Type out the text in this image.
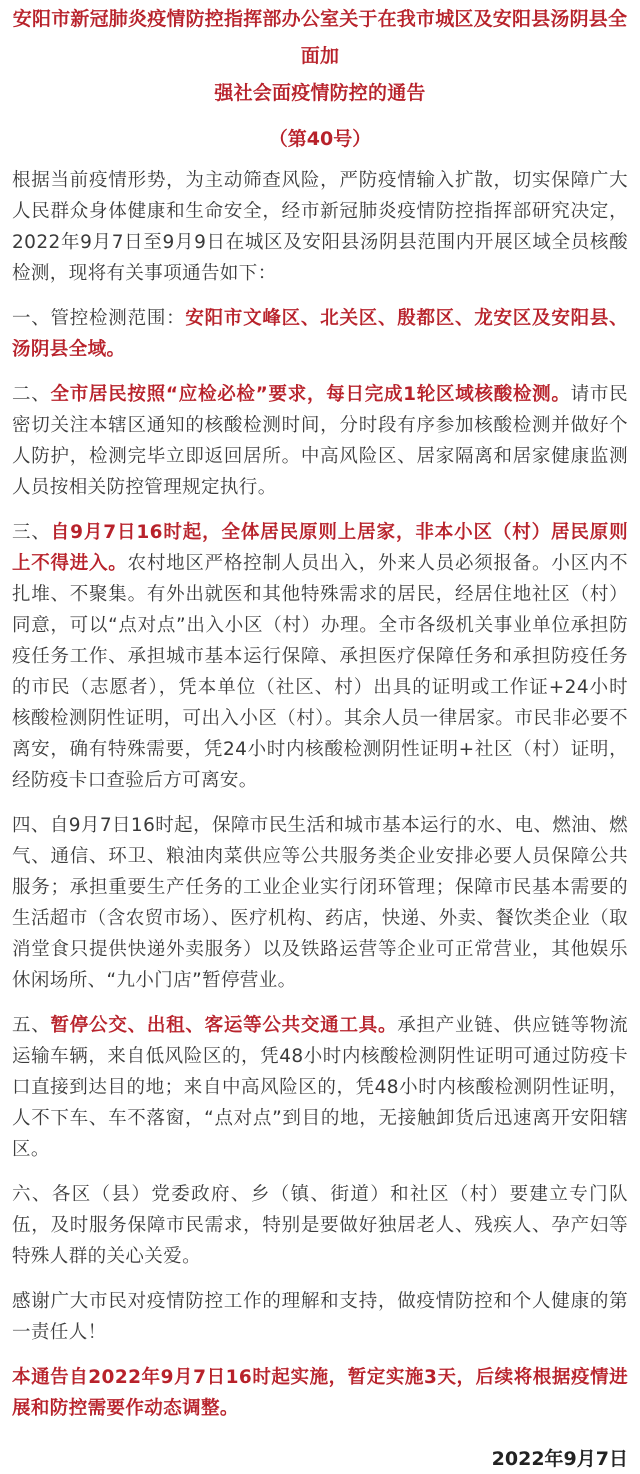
安阳市新冠肺炎疫情防控指挥部办公室关于在我市城区及安阳县汤阴县全面加
强社会面疫情防控的通告
（第40号）

根据当前疫情形势，为主动筛查风险，严防疫情输入扩散，切实保障广大人民群众身体健康和生命安全，经市新冠肺炎疫情防控指挥部研究决定，2022年9月7日至9月9日在城区及安阳县汤阴县范围内开展区域全员核酸检测，现将有关事项通告如下：

一、管控检测范围：安阳市文峰区、北关区、殷都区、龙安区及安阳县、汤阴县全域。

二、全市居民按照“应检必检”要求，每日完成1轮区域核酸检测。请市民密切关注本辖区通知的核酸检测时间，分时段有序参加核酸检测并做好个人防护，检测完毕立即返回居所。中高风险区、居家隔离和居家健康监测人员按相关防控管理规定执行。

三、自9月7日16时起，全体居民原则上居家，非本小区（村）居民原则上不得进入。农村地区严格控制人员出入，外来人员必须报备。小区内不扎堆、不聚集。有外出就医和其他特殊需求的居民，经居住地社区（村）同意，可以“点对点”出入小区（村）办理。全市各级机关事业单位承担防疫任务工作、承担城市基本运行保障、承担医疗保障任务和承担防疫任务的市民（志愿者），凭本单位（社区、村）出具的证明或工作证+24小时核酸检测阴性证明，可出入小区（村）。其余人员一律居家。市民非必要不离安，确有特殊需要，凭24小时内核酸检测阴性证明+社区（村）证明，经防疫卡口查验后方可离安。

四、自9月7日16时起，保障市民生活和城市基本运行的水、电、燃油、燃气、通信、环卫、粮油肉菜供应等公共服务类企业安排必要人员保障公共服务；承担重要生产任务的工业企业实行闭环管理；保障市民基本需要的生活超市（含农贸市场）、医疗机构、药店，快递、外卖、餐饮类企业（取消堂食只提供快递外卖服务）以及铁路运营等企业可正常营业，其他娱乐休闲场所、“九小门店”暂停营业。

五、暂停公交、出租、客运等公共交通工具。承担产业链、供应链等物流运输车辆，来自低风险区的，凭48小时内核酸检测阴性证明可通过防疫卡口直接到达目的地；来自中高风险区的，凭48小时内核酸检测阴性证明，人不下车、车不落窗，“点对点”到目的地，无接触卸货后迅速离开安阳辖区。

六、各区（县）党委政府、乡（镇、街道）和社区（村）要建立专门队伍，及时服务保障市民需求，特别是要做好独居老人、残疾人、孕产妇等特殊人群的关心关爱。

感谢广大市民对疫情防控工作的理解和支持，做疫情防控和个人健康的第一责任人！

本通告自2022年9月7日16时起实施，暂定实施3天，后续将根据疫情进展和防控需要作动态调整。

2022年9月7日
